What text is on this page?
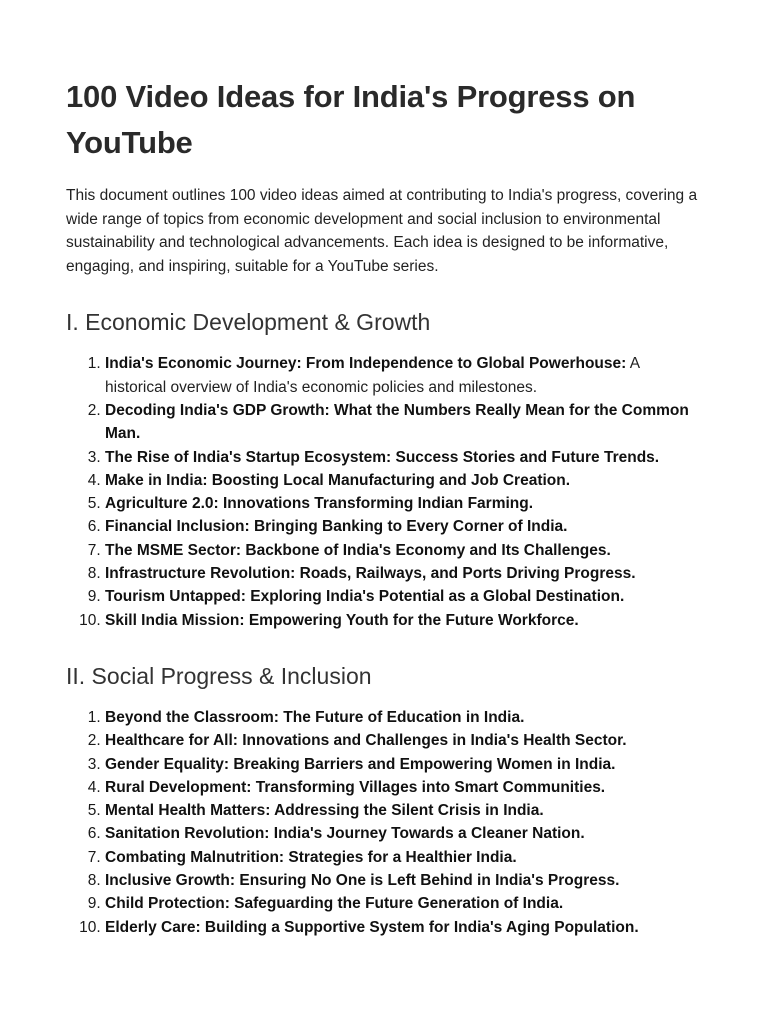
100 Video Ideas for India's Progress on YouTube

This document outlines 100 video ideas aimed at contributing to India's progress, covering a wide range of topics from economic development and social inclusion to environmental sustainability and technological advancements. Each idea is designed to be informative, engaging, and inspiring, suitable for a YouTube series.

I. Economic Development & Growth
1. India's Economic Journey: From Independence to Global Powerhouse: A historical overview of India's economic policies and milestones.
2. Decoding India's GDP Growth: What the Numbers Really Mean for the Common Man.
3. The Rise of India's Startup Ecosystem: Success Stories and Future Trends.
4. Make in India: Boosting Local Manufacturing and Job Creation.
5. Agriculture 2.0: Innovations Transforming Indian Farming.
6. Financial Inclusion: Bringing Banking to Every Corner of India.
7. The MSME Sector: Backbone of India's Economy and Its Challenges.
8. Infrastructure Revolution: Roads, Railways, and Ports Driving Progress.
9. Tourism Untapped: Exploring India's Potential as a Global Destination.
10. Skill India Mission: Empowering Youth for the Future Workforce.
II. Social Progress & Inclusion
1. Beyond the Classroom: The Future of Education in India.
2. Healthcare for All: Innovations and Challenges in India's Health Sector.
3. Gender Equality: Breaking Barriers and Empowering Women in India.
4. Rural Development: Transforming Villages into Smart Communities.
5. Mental Health Matters: Addressing the Silent Crisis in India.
6. Sanitation Revolution: India's Journey Towards a Cleaner Nation.
7. Combating Malnutrition: Strategies for a Healthier India.
8. Inclusive Growth: Ensuring No One is Left Behind in India's Progress.
9. Child Protection: Safeguarding the Future Generation of India.
10. Elderly Care: Building a Supportive System for India's Aging Population.
